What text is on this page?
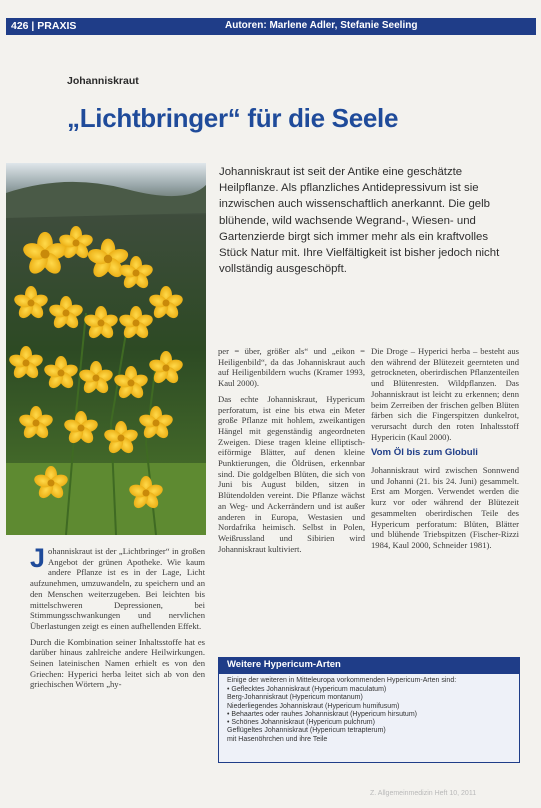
426 | PRAXIS	Autoren: Marlene Adler, Stefanie Seeling
Johanniskraut
„Lichtbringer“ für die Seele
Johanniskraut ist seit der Antike eine geschätzte Heilpflanze. Als pflanzliches Antidepressivum ist sie inzwischen auch wissenschaftlich anerkannt. Die gelb blühende, wild wachsende Wegrand-, Wiesen- und Gartenzierde birgt sich immer mehr als ein kraftvolles Stück Natur mit. Ihre Vielfältigkeit ist bisher jedoch nicht vollständig ausgeschöpft.

Johanniskraut ist der „Lichtbringer“ in großen Angebot der grünen Apotheke. Wie kaum andere Pflanze ist es in der Lage, Licht aufzunehmen, umzuwandeln, zu speichern und an den Menschen weiterzugeben. Bei leichten bis mittelschweren Depressionen, bei Stimmungsschwankungen und nervlichen Überlastungen zeigt es einen aufhellenden Effekt.

Durch die Kombination seiner Inhaltsstoffe hat es darüber hinaus zahlreiche andere Heilwirkungen. Seinen lateinischen Namen erhielt es von den Griechen: Hyperici herba leitet sich ab von den griechischen Wörtern „hy-

per = über, größer als“ und „eikon = Heiligenbild“, da das Johanniskraut auch auf Heiligenbildern wuchs (Kramer 1993, Kaul 2000).

Das echte Johanniskraut, Hypericum perforatum, ist eine bis etwa ein Meter große Pflanze mit hohlem, zweikantigen Hängel mit gegenständig angeordneten Zweigen. Diese tragen kleine elliptisch-eiförmige Blätter, auf denen kleine Punktierungen, die Öldrüsen, erkennbar sind. Die goldgelben Blüten, die sich von Juni bis August bilden, sitzen in Blütendolden vereint. Die Pflanze wächst an Weg- und Ackerrändern und ist außer anderen in Europa, Westasien und Nordafrika heimisch. Selbst in Polen, Weißrussland und Sibirien wird Johanniskraut kultiviert.

Die Droge – Hyperici herba – besteht aus den während der Blütezeit geernteten und getrockneten, oberirdischen Pflanzenteilen und Blütenresten. Wildpflanzen. Das Johanniskraut ist leicht zu erkennen; denn beim Zerreiben der frischen gelben Blüten färben sich die Fingerspitzen dunkelrot, verursacht durch den roten Inhaltsstoff Hypericin (Kaul 2000).

Vom Öl bis zum Globuli

Johanniskraut wird zwischen Sonnwend und Johanni (21. bis 24. Juni) gesammelt. Erst am Morgen. Verwendet werden die kurz vor oder während der Blütezeit gesammelten oberirdischen Teile des Hypericum perforatum: Blüten, Blätter und blühende Triebspitzen (Fischer-Rizzi 1984, Kaul 2000, Schneider 1981).

Weitere Hypericum-Arten
Einige der weiteren in Mitteleuropa vorkommenden Hypericum-Arten sind:
• Geflecktes Johanniskraut (Hypericum maculatum)
Berg-Johanniskraut (Hypericum montanum)
Niederliegendes Johanniskraut (Hypericum humifusum)
• Behaartes oder rauhes Johanniskraut (Hypericum hirsutum)
• Schönes Johanniskraut (Hypericum pulchrum)
Geflügeltes Johanniskraut (Hypericum tetrapterum)
mit Hasenöhrchen und ihre Teile
Z. Allgemeinmedizin Heft 10, 2011
